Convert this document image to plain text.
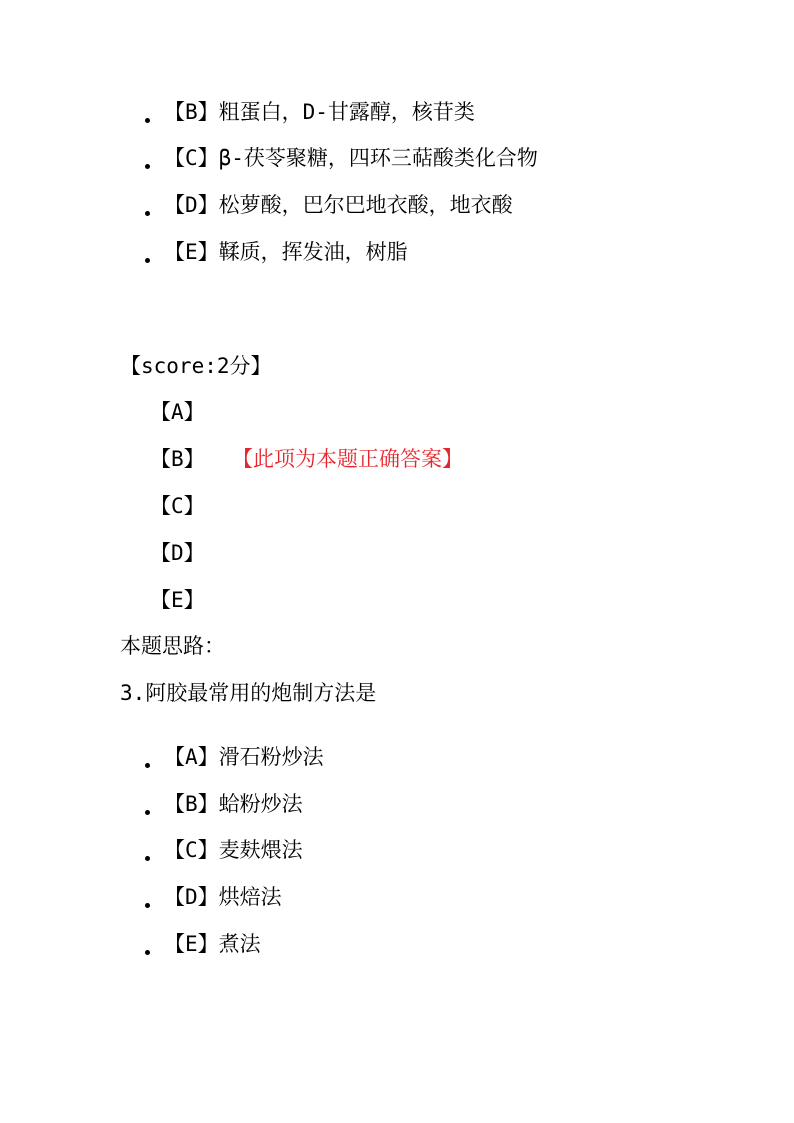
【B】粗蛋白，D-甘露醇，核苷类
【C】β-茯苓聚糖，四环三萜酸类化合物
【D】松萝酸，巴尔巴地衣酸，地衣酸
【E】鞣质，挥发油，树脂
【score:2分】
【A】
【B】 【此项为本题正确答案】
【C】
【D】
【E】
本题思路：
3.阿胶最常用的炮制方法是
【A】滑石粉炒法
【B】蛤粉炒法
【C】麦麸煨法
【D】烘焙法
【E】煮法
